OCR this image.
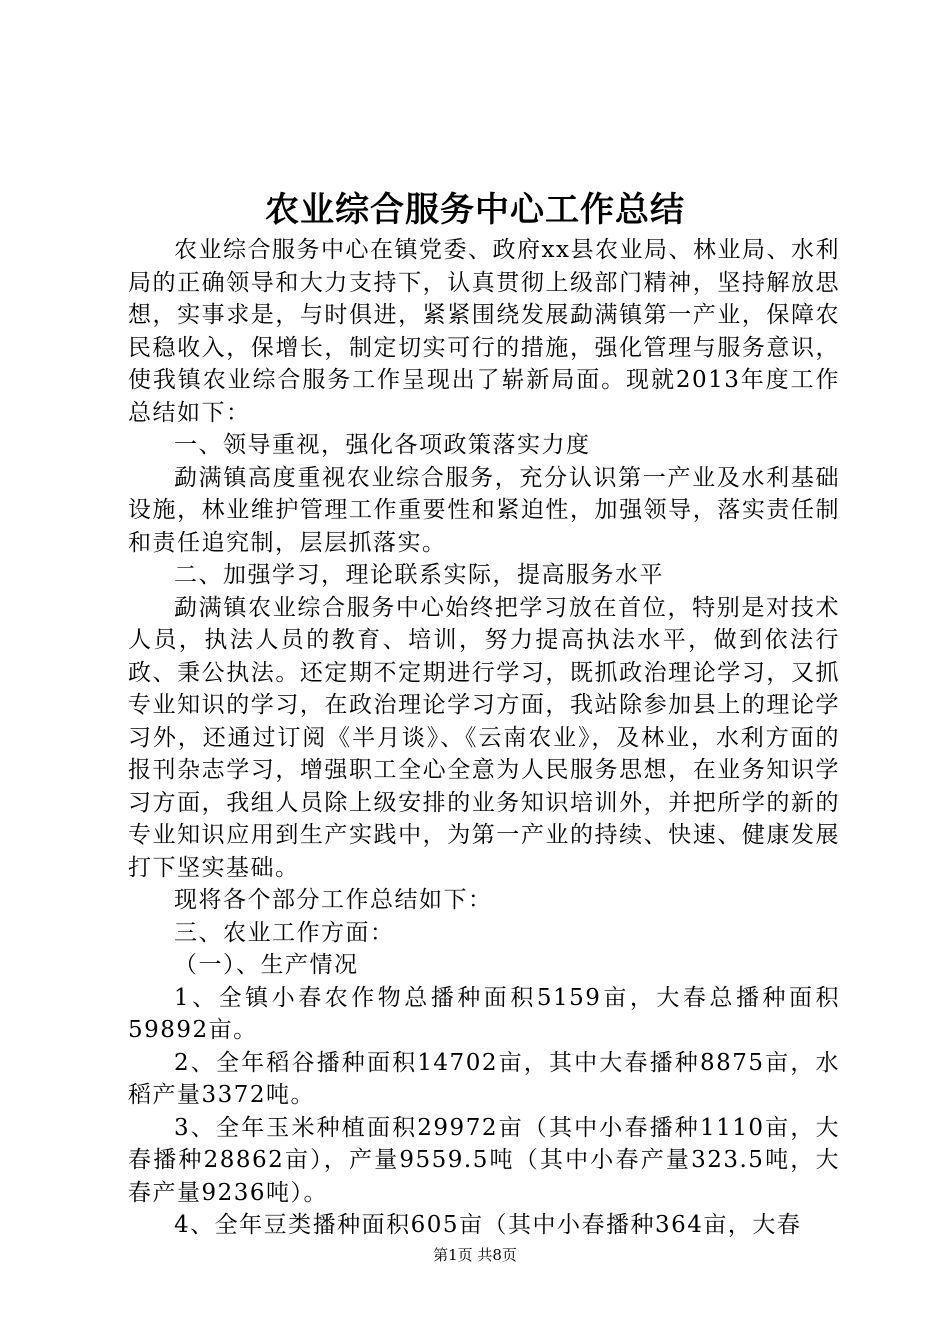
农业综合服务中心工作总结

农业综合服务中心在镇党委、政府xx县农业局、林业局、水利局的正确领导和大力支持下，认真贯彻上级部门精神，坚持解放思想，实事求是，与时俱进，紧紧围绕发展勐满镇第一产业，保障农民稳收入，保增长，制定切实可行的措施，强化管理与服务意识，使我镇农业综合服务工作呈现出了崭新局面。现就2013年度工作总结如下：

一、领导重视，强化各项政策落实力度

勐满镇高度重视农业综合服务，充分认识第一产业及水利基础设施，林业维护管理工作重要性和紧迫性，加强领导，落实责任制和责任追究制，层层抓落实。

二、加强学习，理论联系实际，提高服务水平

勐满镇农业综合服务中心始终把学习放在首位，特别是对技术人员，执法人员的教育、培训，努力提高执法水平，做到依法行政、秉公执法。还定期不定期进行学习，既抓政治理论学习，又抓专业知识的学习，在政治理论学习方面，我站除参加县上的理论学习外，还通过订阅《半月谈》、《云南农业》，及林业，水利方面的报刊杂志学习，增强职工全心全意为人民服务思想，在业务知识学习方面，我组人员除上级安排的业务知识培训外，并把所学的新的专业知识应用到生产实践中，为第一产业的持续、快速、健康发展打下坚实基础。

现将各个部分工作总结如下：

三、农业工作方面：

（一）、生产情况

1、全镇小春农作物总播种面积5159亩，大春总播种面积59892亩。

2、全年稻谷播种面积14702亩，其中大春播种8875亩，水稻产量3372吨。

3、全年玉米种植面积29972亩（其中小春播种1110亩，大春播种28862亩），产量9559.5吨（其中小春产量323.5吨，大春产量9236吨）。

4、全年豆类播种面积605亩（其中小春播种364亩，大春

第1页 共8页
